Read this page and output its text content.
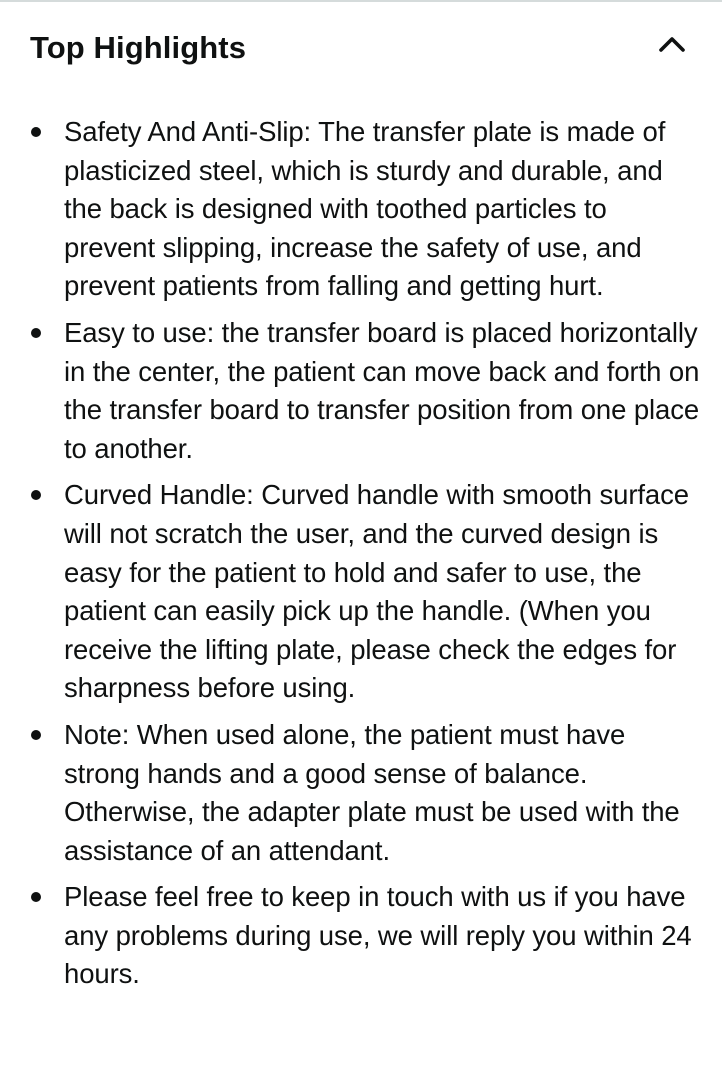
Top Highlights
Safety And Anti-Slip: The transfer plate is made of plasticized steel, which is sturdy and durable, and the back is designed with toothed particles to prevent slipping, increase the safety of use, and prevent patients from falling and getting hurt.
Easy to use: the transfer board is placed horizontally in the center, the patient can move back and forth on the transfer board to transfer position from one place to another.
Curved Handle: Curved handle with smooth surface will not scratch the user, and the curved design is easy for the patient to hold and safer to use, the patient can easily pick up the handle. (When you receive the lifting plate, please check the edges for sharpness before using.
Note: When used alone, the patient must have strong hands and a good sense of balance. Otherwise, the adapter plate must be used with the assistance of an attendant.
Please feel free to keep in touch with us if you have any problems during use, we will reply you within 24 hours.
